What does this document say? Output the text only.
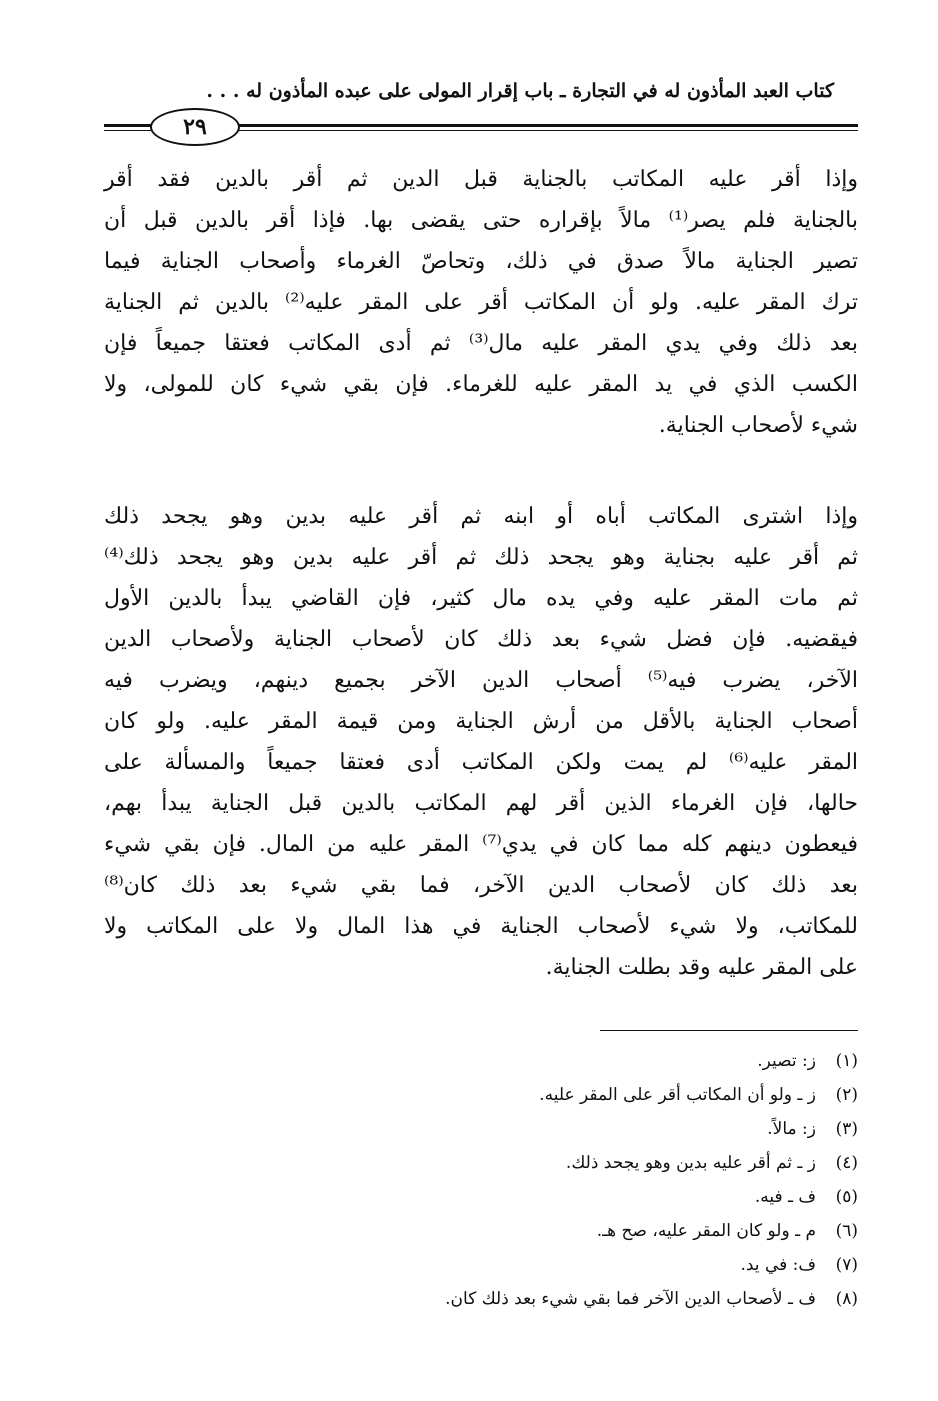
كتاب العبد المأذون له في التجارة ـ باب إقرار المولى على عبده المأذون له . . .
٢٩
وإذا أقر عليه المكاتب بالجناية قبل الدين ثم أقر بالدين فقد أقر
بالجناية فلم يصر⁽¹⁾ مالاً بإقراره حتى يقضى بها. فإذا أقر بالدين قبل أن
تصير الجناية مالاً صدق في ذلك، وتحاصّ الغرماء وأصحاب الجناية فيما
ترك المقر عليه. ولو أن المكاتب أقر على المقر عليه⁽²⁾ بالدين ثم الجناية
بعد ذلك وفي يدي المقر عليه مال⁽³⁾ ثم أدى المكاتب فعتقا جميعاً فإن
الكسب الذي في يد المقر عليه للغرماء. فإن بقي شيء كان للمولى، ولا
شيء لأصحاب الجناية.
وإذا اشترى المكاتب أباه أو ابنه ثم أقر عليه بدين وهو يجحد ذلك
ثم أقر عليه بجناية وهو يجحد ذلك ثم أقر عليه بدين وهو يجحد ذلك⁽⁴⁾
ثم مات المقر عليه وفي يده مال كثير، فإن القاضي يبدأ بالدين الأول
فيقضيه. فإن فضل شيء بعد ذلك كان لأصحاب الجناية ولأصحاب الدين
الآخر، يضرب فيه⁽⁵⁾ أصحاب الدين الآخر بجميع دينهم، ويضرب فيه
أصحاب الجناية بالأقل من أرش الجناية ومن قيمة المقر عليه. ولو كان
المقر عليه⁽⁶⁾ لم يمت ولكن المكاتب أدى فعتقا جميعاً والمسألة على
حالها، فإن الغرماء الذين أقر لهم المكاتب بالدين قبل الجناية يبدأ بهم،
فيعطون دينهم كله مما كان في يدي⁽⁷⁾ المقر عليه من المال. فإن بقي شيء
بعد ذلك كان لأصحاب الدين الآخر، فما بقي شيء بعد ذلك كان⁽⁸⁾
للمكاتب، ولا شيء لأصحاب الجناية في هذا المال ولا على المكاتب ولا
على المقر عليه وقد بطلت الجناية.
(١)
ز: تصير.
(٢)
ز ـ ولو أن المكاتب أقر على المقر عليه.
(٣)
ز: مالاً.
(٤)
ز ـ ثم أقر عليه بدين وهو يجحد ذلك.
(٥)
ف ـ فيه.
(٦)
م ـ ولو كان المقر عليه، صح هـ.
(٧)
ف: في يد.
(٨)
ف ـ لأصحاب الدين الآخر فما بقي شيء بعد ذلك كان.
